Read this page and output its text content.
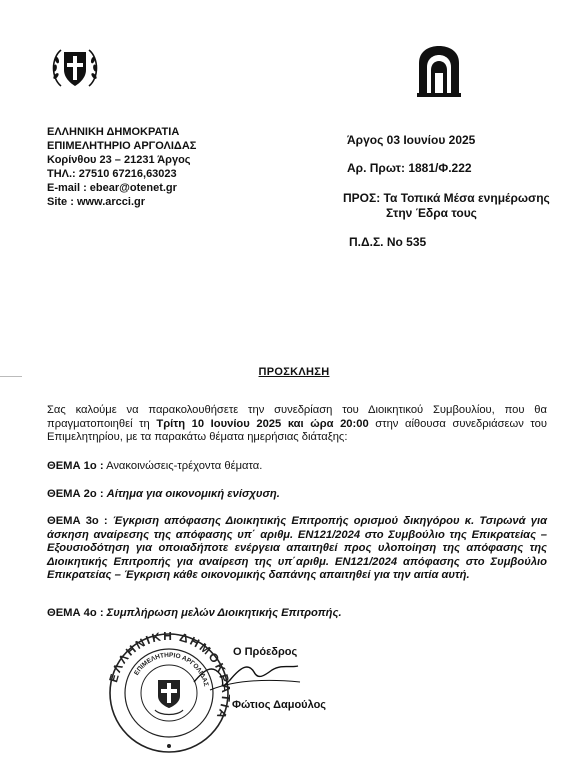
ΕΛΛΗΝΙΚΗ ΔΗΜΟΚΡΑΤΙΑ
ΕΠΙΜΕΛΗΤΗΡΙΟ ΑΡΓΟΛΙΔΑΣ
Κορίνθου 23 – 21231 Άργος
ΤΗΛ.: 27510 67216,63023
E-mail : ebear@otenet.gr
Site : www.arcci.gr
Άργος 03 Ιουνίου 2025
Αρ. Πρωτ: 1881/Φ.222
ΠΡΟΣ: Τα Τοπικά Μέσα ενημέρωσης
Στην Έδρα τους
Π.Δ.Σ. Νο 535
ΠΡΟΣΚΛΗΣΗ
Σας καλούμε να παρακολουθήσετε την συνεδρίαση του Διοικητικού Συμβουλίου, που θα πραγματοποιηθεί τη Τρίτη 10 Ιουνίου 2025 και ώρα 20:00 στην αίθουσα συνεδριάσεων του Επιμελητηρίου, με τα παρακάτω θέματα ημερήσιας διάταξης:
ΘΕΜΑ 1ο : Ανακοινώσεις-τρέχοντα θέματα.
ΘΕΜΑ 2ο : Αίτημα για οικονομική ενίσχυση.
ΘΕΜΑ 3ο : Έγκριση απόφασης Διοικητικής Επιτροπής ορισμού δικηγόρου κ. Τσιρωνά για άσκηση αναίρεσης της απόφασης υπ΄ αριθμ. ΕΝ121/2024 στο Συμβούλιο της Επικρατείας – Εξουσιοδότηση για οποιαδήποτε ενέργεια απαιτηθεί προς υλοποίηση της απόφασης της Διοικητικής Επιτροπής για αναίρεση της υπ΄αριθμ. ΕΝ121/2024 απόφασης στο Συμβούλιο Επικρατείας – Έγκριση κάθε οικονομικής δαπάνης απαιτηθεί για την αιτία αυτή.
ΘΕΜΑ 4ο : Συμπλήρωση μελών Διοικητικής Επιτροπής.
ΛΛΗΝΙΚΗ ΔΗΜΟΚ Α
ΕΠΙΜΕΛΗΤΗΡΙΟ ΑΡΓΟΛΙΔΑΣ
Ο Πρόεδρος
Φώτιος Δαμούλος
